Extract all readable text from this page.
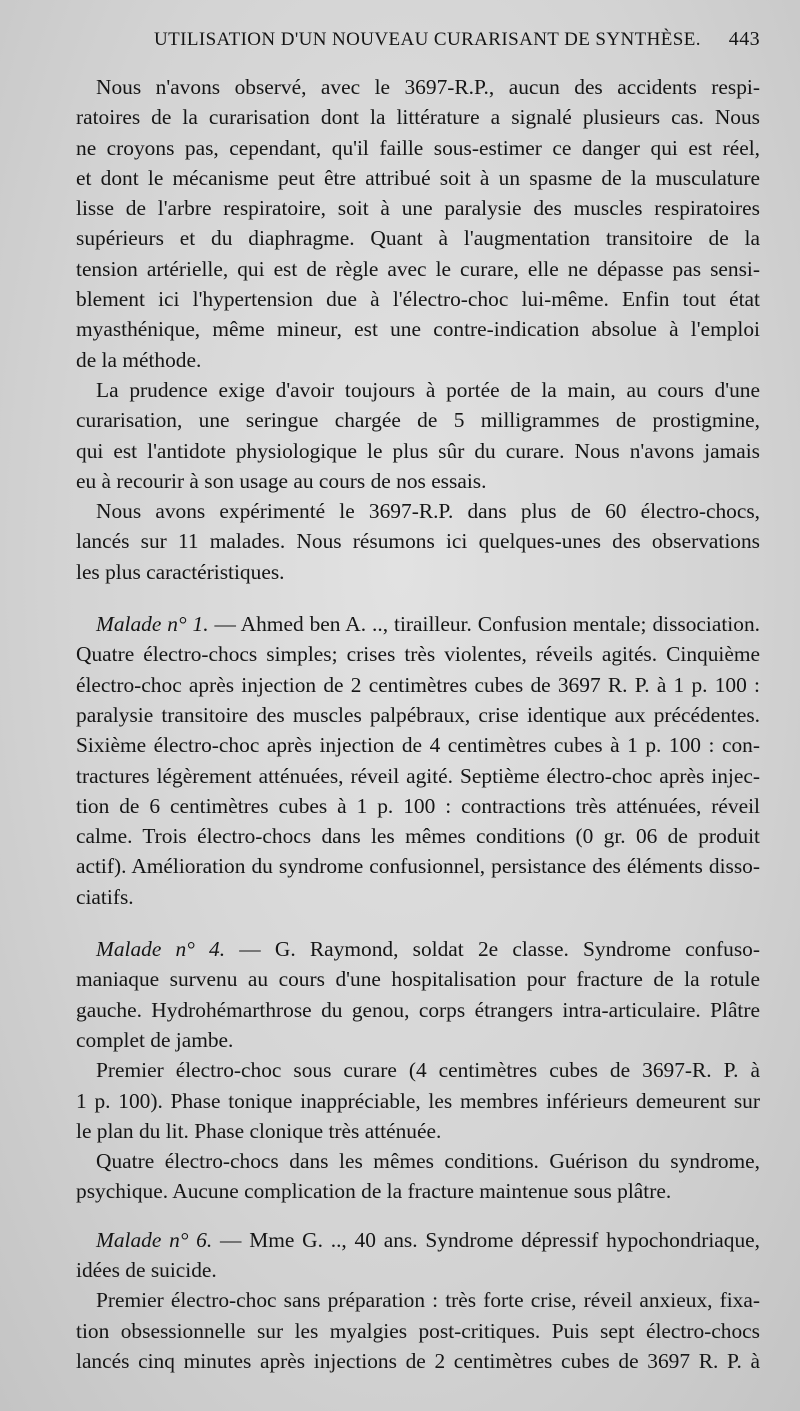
UTILISATION D'UN NOUVEAU CURARISANT DE SYNTHÈSE. 443
Nous n'avons observé, avec le 3697-R.P., aucun des accidents respi-
ratoires de la curarisation dont la littérature a signalé plusieurs cas. Nous
ne croyons pas, cependant, qu'il faille sous-estimer ce danger qui est réel,
et dont le mécanisme peut être attribué soit à un spasme de la musculature
lisse de l'arbre respiratoire, soit à une paralysie des muscles respiratoires
supérieurs et du diaphragme. Quant à l'augmentation transitoire de la
tension artérielle, qui est de règle avec le curare, elle ne dépasse pas sensi-
blement ici l'hypertension due à l'électro-choc lui-même. Enfin tout état
myasthénique, même mineur, est une contre-indication absolue à l'emploi
de la méthode.
La prudence exige d'avoir toujours à portée de la main, au cours d'une
curarisation, une seringue chargée de 5 milligrammes de prostigmine,
qui est l'antidote physiologique le plus sûr du curare. Nous n'avons jamais
eu à recourir à son usage au cours de nos essais.
Nous avons expérimenté le 3697-R.P. dans plus de 60 électro-chocs,
lancés sur 11 malades. Nous résumons ici quelques-unes des observations
les plus caractéristiques.
Malade n° 1. — Ahmed ben A. .., tirailleur. Confusion mentale; dissociation.
Quatre électro-chocs simples; crises très violentes, réveils agités. Cinquième
électro-choc après injection de 2 centimètres cubes de 3697 R. P. à 1 p. 100 :
paralysie transitoire des muscles palpébraux, crise identique aux précédentes.
Sixième électro-choc après injection de 4 centimètres cubes à 1 p. 100 : con-
tractures légèrement atténuées, réveil agité. Septième électro-choc après injec-
tion de 6 centimètres cubes à 1 p. 100 : contractions très atténuées, réveil
calme. Trois électro-chocs dans les mêmes conditions (0 gr. 06 de produit
actif). Amélioration du syndrome confusionnel, persistance des éléments disso-
ciatifs.
Malade n° 4. — G. Raymond, soldat 2e classe. Syndrome confuso-
maniaque survenu au cours d'une hospitalisation pour fracture de la rotule
gauche. Hydrohémarthrose du genou, corps étrangers intra-articulaire. Plâtre
complet de jambe.
Premier électro-choc sous curare (4 centimètres cubes de 3697-R. P. à
1 p. 100). Phase tonique inappréciable, les membres inférieurs demeurent sur
le plan du lit. Phase clonique très atténuée.
Quatre électro-chocs dans les mêmes conditions. Guérison du syndrome,
psychique. Aucune complication de la fracture maintenue sous plâtre.
Malade n° 6. — Mme G. .., 40 ans. Syndrome dépressif hypochondriaque,
idées de suicide.
Premier électro-choc sans préparation : très forte crise, réveil anxieux, fixa-
tion obsessionnelle sur les myalgies post-critiques. Puis sept électro-chocs
lancés cinq minutes après injections de 2 centimètres cubes de 3697 R. P. à
